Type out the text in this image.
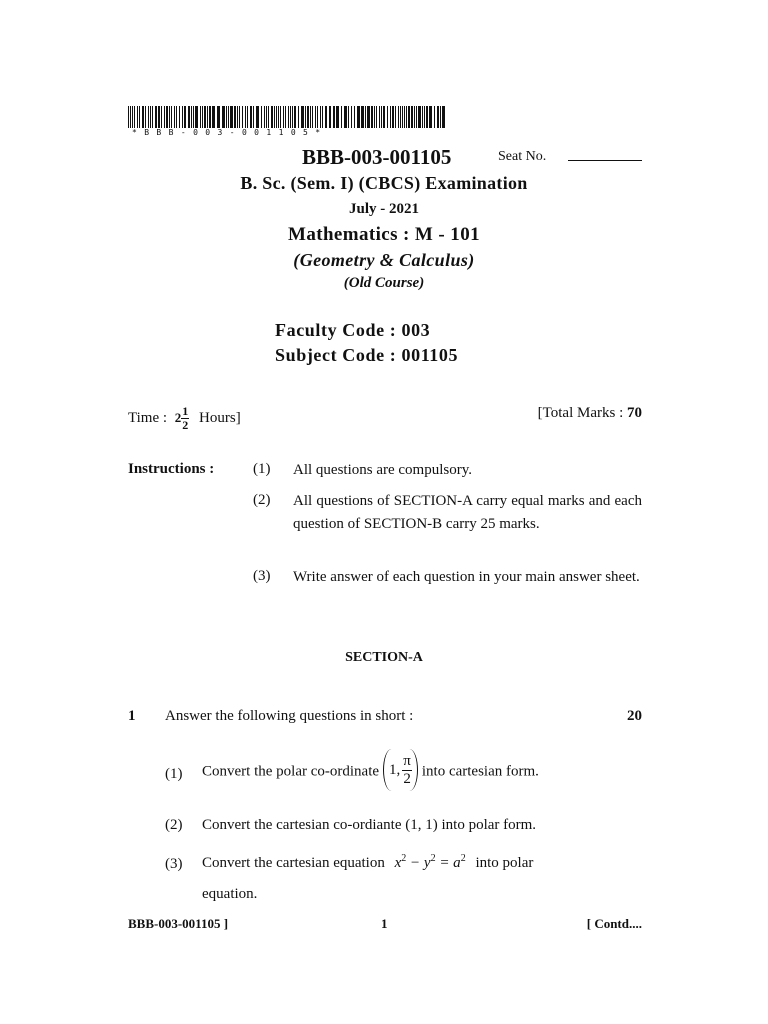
*BBB-003-001105*
BBB-003-001105	Seat No.
B. Sc. (Sem. I) (CBCS) Examination
July - 2021
Mathematics : M - 101
(Geometry & Calculus)
(Old Course)
Faculty Code : 003
Subject Code : 001105
Time : $2 \frac{1}{2}$ Hours]	[Total Marks : 70
Instructions :	(1) All questions are compulsory.
(2) All questions of SECTION-A carry equal marks and each question of SECTION-B carry 25 marks.
(3) Write answer of each question in your main answer sheet.
SECTION-A
1 Answer the following questions in short :	20
(1) Convert the polar co-ordinate 1, $\frac{\pi}{2}$ into cartesian form.
(2) Convert the cartesian co-ordiante (1, 1) into polar form.
(3) Convert the cartesian equation $x^2 - y^2 = a^2$ into polar
equation.
BBB-003-001105 ]	1	[ Contd....
